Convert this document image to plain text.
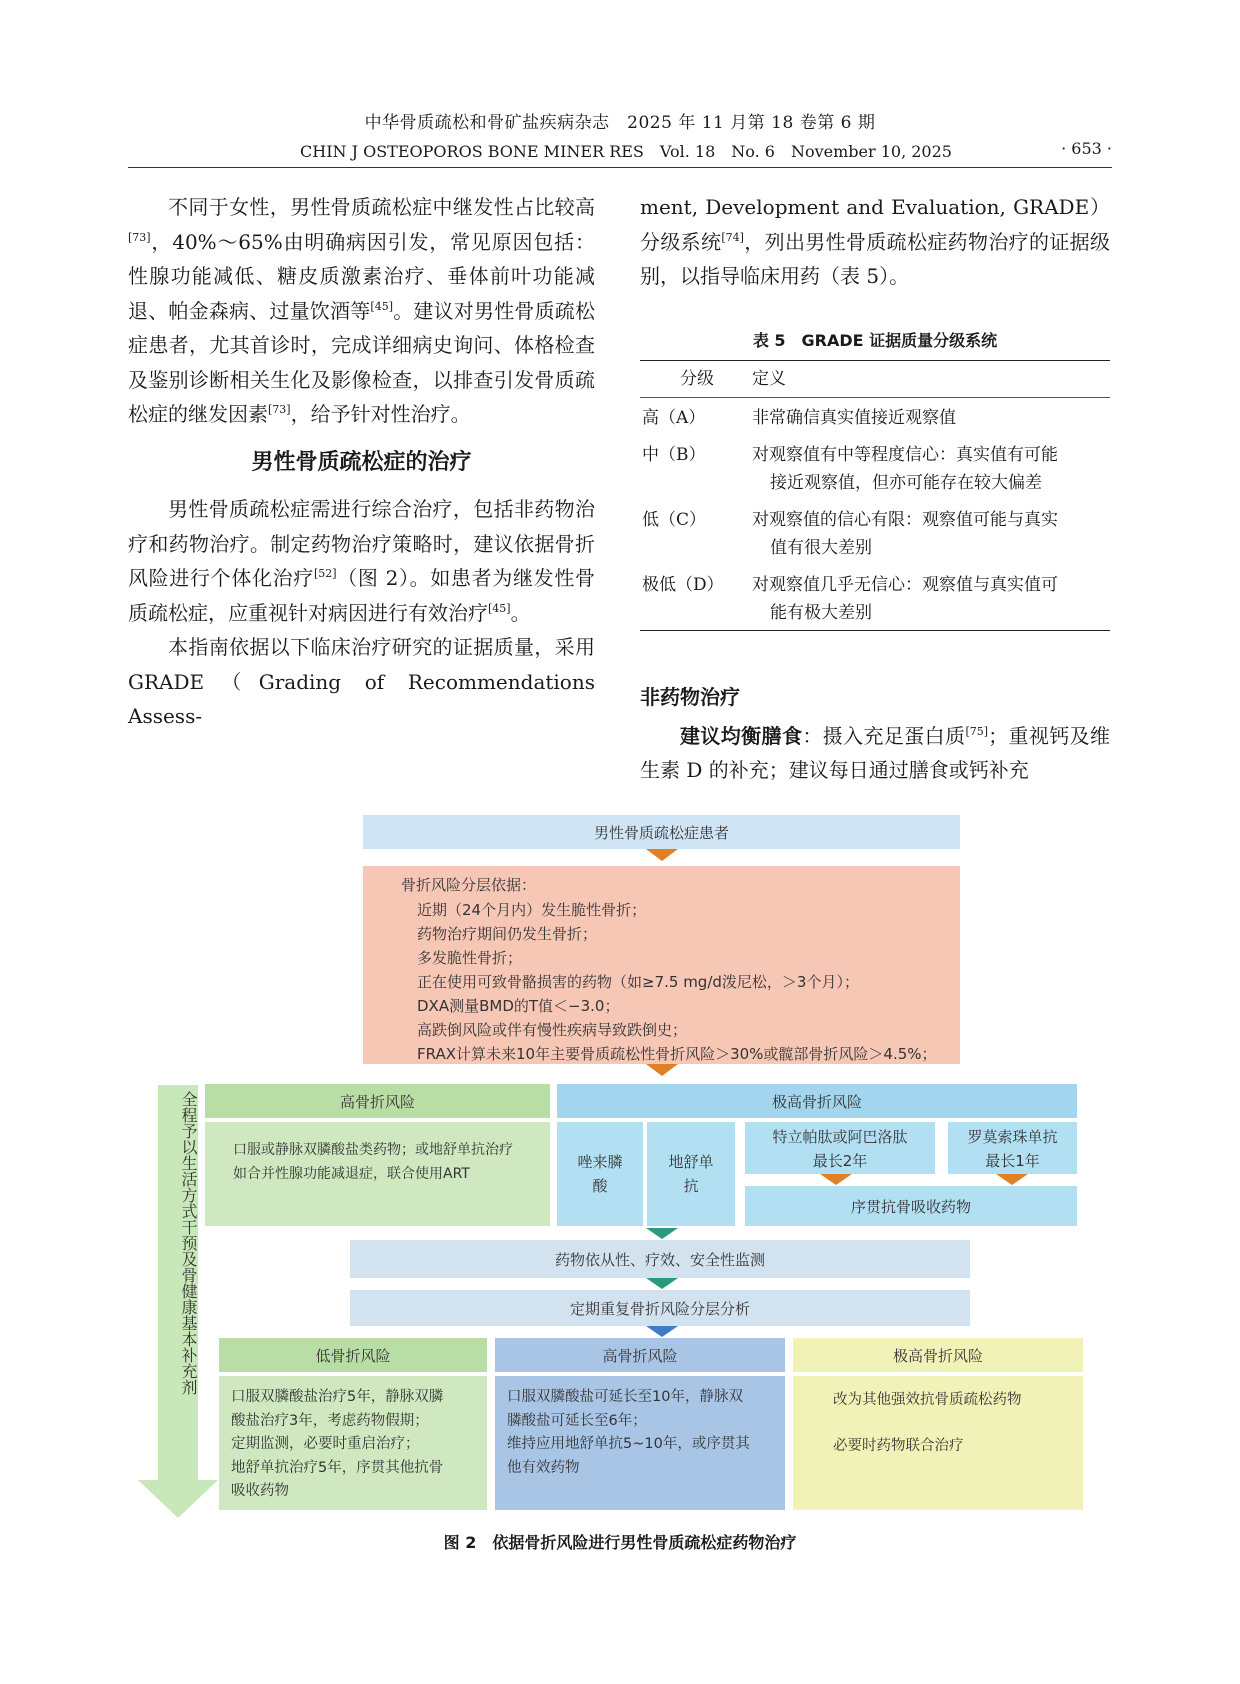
中华骨质疏松和骨矿盐疾病杂志　2025 年 11 月第 18 卷第 6 期
CHIN J OSTEOPOROS BONE MINER RES　Vol. 18　No. 6　November 10, 2025	· 653 ·

不同于女性，男性骨质疏松症中继发性占比较高[73]，40%～65%由明确病因引发，常见原因包括：性腺功能减低、糖皮质激素治疗、垂体前叶功能减退、帕金森病、过量饮酒等[45]。建议对男性骨质疏松症患者，尤其首诊时，完成详细病史询问、体格检查及鉴别诊断相关生化及影像检查，以排查引发骨质疏松症的继发因素[73]，给予针对性治疗。

男性骨质疏松症的治疗

男性骨质疏松症需进行综合治疗，包括非药物治疗和药物治疗。制定药物治疗策略时，建议依据骨折风险进行个体化治疗[52]（图 2）。如患者为继发性骨质疏松症，应重视针对病因进行有效治疗[45]。

本指南依据以下临床治疗研究的证据质量，采用 GRADE（Grading of Recommendations Assess-

ment, Development and Evaluation, GRADE）分级系统[74]，列出男性骨质疏松症药物治疗的证据级别，以指导临床用药（表 5）。

表 5　GRADE 证据质量分级系统
分级	定义
高（A）	非常确信真实值接近观察值
中（B）	对观察值有中等程度信心：真实值有可能
接近观察值，但亦可能存在较大偏差
低（C）	对观察值的信心有限：观察值可能与真实
值有很大差别
极低（D）	对观察值几乎无信心：观察值与真实值可
能有极大差别
非药物治疗

建议均衡膳食：摄入充足蛋白质[75]；重视钙及维生素 D 的补充；建议每日通过膳食或钙补充

男性骨质疏松症患者
骨折风险分层依据：
近期（24个月内）发生脆性骨折；
药物治疗期间仍发生骨折；
多发脆性骨折；
正在使用可致骨骼损害的药物（如≥7.5 mg/d泼尼松，＞3个月）；
DXA测量BMD的T值＜−3.0；
高跌倒风险或伴有慢性疾病导致跌倒史；
FRAX计算未来10年主要骨质疏松性骨折风险＞30%或髋部骨折风险＞4.5%；
全程予以生活方式干预及骨健康基本补充剂	高骨折风险
口服或静脉双膦酸盐类药物；或地舒单抗治疗
如合并性腺功能减退症，联合使用ART
极高骨折风险
唑来膦酸
地舒单抗
特立帕肽或阿巴洛肽
最长2年
罗莫索珠单抗
最长1年
序贯抗骨吸收药物
药物依从性、疗效、安全性监测
定期重复骨折风险分层分析
低骨折风险
口服双膦酸盐治疗5年，静脉双膦
酸盐治疗3年，考虑药物假期；
定期监测，必要时重启治疗；
地舒单抗治疗5年，序贯其他抗骨
吸收药物
高骨折风险
口服双膦酸盐可延长至10年，静脉双
膦酸盐可延长至6年；
维持应用地舒单抗5~10年，或序贯其
他有效药物
极高骨折风险
改为其他强效抗骨质疏松药物
必要时药物联合治疗
图 2　依据骨折风险进行男性骨质疏松症药物治疗
